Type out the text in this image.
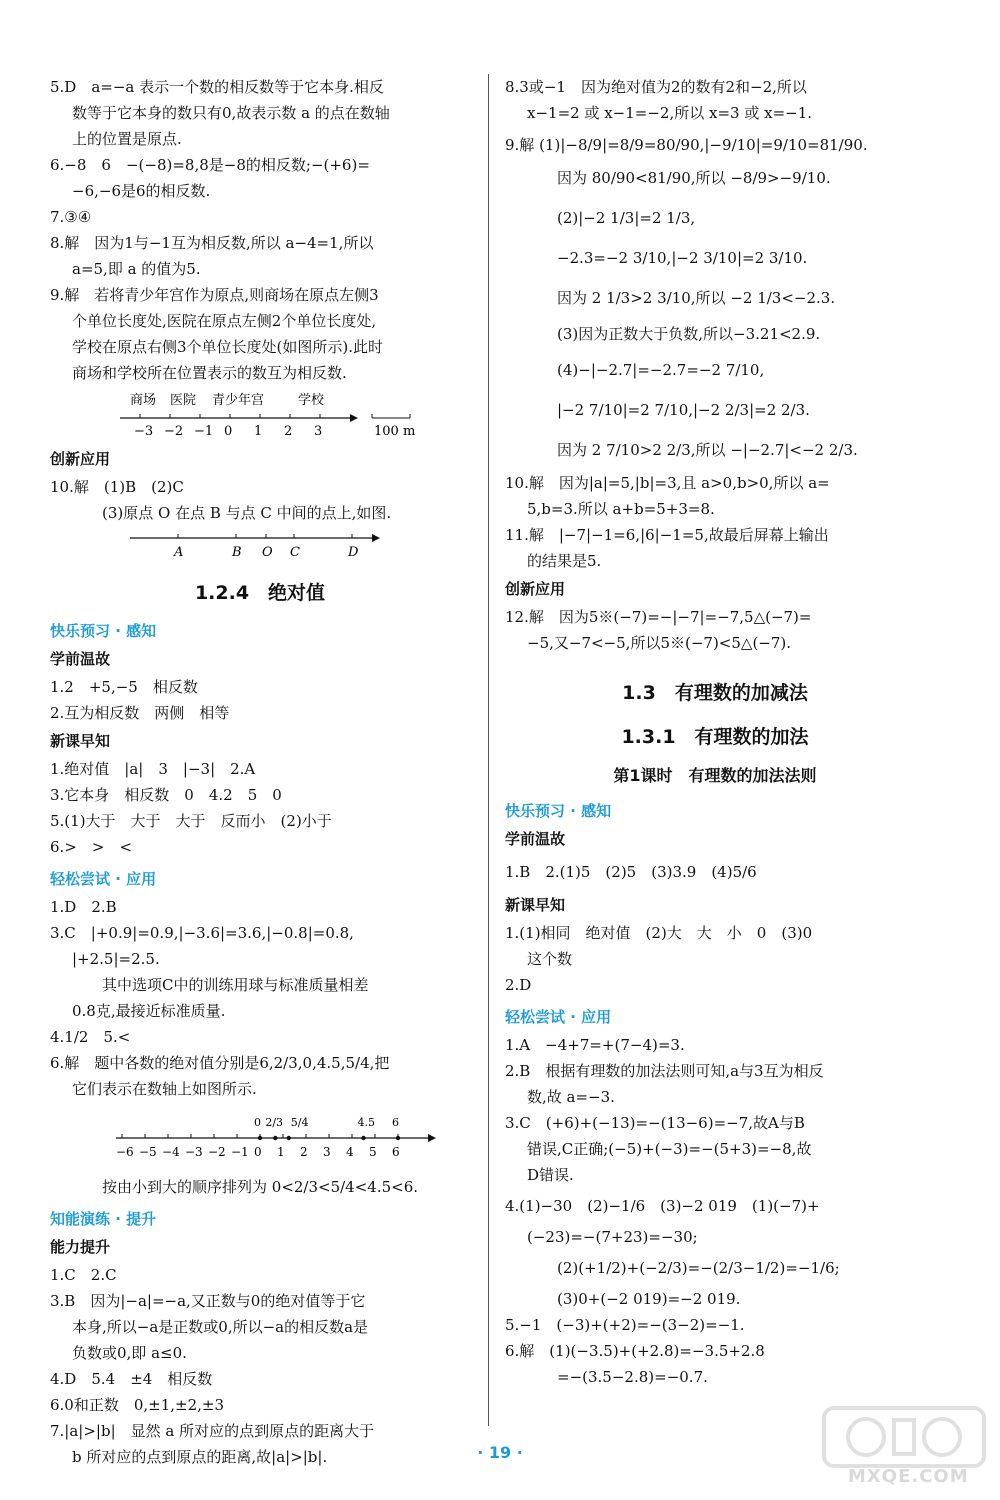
5.D　a=−a 表示一个数的相反数等于它本身.相反

数等于它本身的数只有0,故表示数 a 的点在数轴

上的位置是原点.

6.−8　6　−(−8)=8,8是−8的相反数;−(+6)=

−6,−6是6的相反数.

7.③④

8.解　因为1与−1互为相反数,所以 a−4=1,所以

a=5,即 a 的值为5.

9.解　若将青少年宫作为原点,则商场在原点左侧3

个单位长度处,医院在原点左侧2个单位长度处,

学校在原点右侧3个单位长度处(如图所示).此时

商场和学校所在位置表示的数互为相反数.

商场 医院 青少年宫	学校
−3 −2 −1 0 1 2 3	100 m
创新应用

10.解　(1)B　(2)C

(3)原点 O 在点 B 与点 C 中间的点上,如图.

A	B O C	D
1.2.4　绝对值
快乐预习 · 感知
学前温故

1.2　+5,−5　相反数

2.互为相反数　两侧　相等

新课早知

1.绝对值　|a|　3　|−3|　2.A

3.它本身　相反数　0　4.2　5　0

5.(1)大于　大于　大于　反而小　(2)小于

6.>　>　<

轻松尝试 · 应用

1.D　2.B

3.C　|+0.9|=0.9,|−3.6|=3.6,|−0.8|=0.8,

|+2.5|=2.5.

其中选项C中的训练用球与标准质量相差

0.8克,最接近标准质量.

4.1/2　5.<

6.解　题中各数的绝对值分别是6,2/3,0,4.5,5/4,把

它们表示在数轴上如图所示.

0 2/3 5/4	4.5 6
−6 −5 −4 −3 −2 −1 0 1 2 3 4 5 6

按由小到大的顺序排列为 0<2/3<5/4<4.5<6.

知能演练 · 提升
能力提升

1.C　2.C

3.B　因为|−a|=−a,又正数与0的绝对值等于它

本身,所以−a是正数或0,所以−a的相反数a是

负数或0,即 a≤0.

4.D　5.4　±4　相反数

6.0和正数　0,±1,±2,±3

7.|a|>|b|　显然 a 所对应的点到原点的距离大于

b 所对应的点到原点的距离,故|a|>|b|.

8.3或−1　因为绝对值为2的数有2和−2,所以

x−1=2 或 x−1=−2,所以 x=3 或 x=−1.

9.解 (1)|−8/9|=8/9=80/90,|−9/10|=9/10=81/90.

因为 80/90<81/90,所以 −8/9>−9/10.

(2)|−2 1/3|=2 1/3,

−2.3=−2 3/10,|−2 3/10|=2 3/10.

因为 2 1/3>2 3/10,所以 −2 1/3<−2.3.

(3)因为正数大于负数,所以−3.21<2.9.

(4)−|−2.7|=−2.7=−2 7/10,

|−2 7/10|=2 7/10,|−2 2/3|=2 2/3.

因为 2 7/10>2 2/3,所以 −|−2.7|<−2 2/3.

10.解　因为|a|=5,|b|=3,且 a>0,b>0,所以 a=

5,b=3.所以 a+b=5+3=8.

11.解　|−7|−1=6,|6|−1=5,故最后屏幕上输出

的结果是5.

创新应用

12.解　因为5※(−7)=−|−7|=−7,5△(−7)=

−5,又−7<−5,所以5※(−7)<5△(−7).

1.3　有理数的加减法
1.3.1　有理数的加法
第1课时　有理数的加法法则
快乐预习 · 感知
学前温故

1.B　2.(1)5　(2)5　(3)3.9　(4)5/6

新课早知

1.(1)相同　绝对值　(2)大　大　小　0　(3)0

这个数

2.D

轻松尝试 · 应用

1.A　−4+7=+(7−4)=3.

2.B　根据有理数的加法法则可知,a与3互为相反

数,故 a=−3.

3.C　(+6)+(−13)=−(13−6)=−7,故A与B

错误,C正确;(−5)+(−3)=−(5+3)=−8,故

D错误.

4.(1)−30　(2)−1/6　(3)−2 019　(1)(−7)+

(−23)=−(7+23)=−30;

(2)(+1/2)+(−2/3)=−(2/3−1/2)=−1/6;

(3)0+(−2 019)=−2 019.

5.−1　(−3)+(+2)=−(3−2)=−1.

6.解　(1)(−3.5)+(+2.8)=−3.5+2.8

=−(3.5−2.8)=−0.7.

· 19 ·
MXQE.COM
